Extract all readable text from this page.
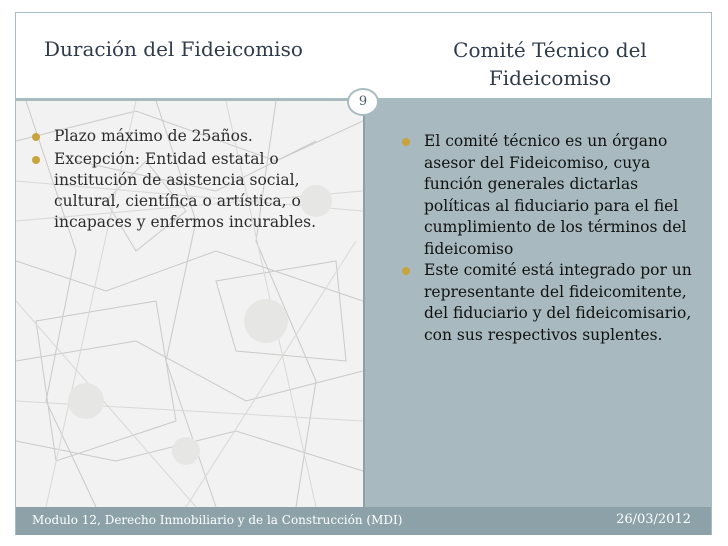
Duración del Fideicomiso	Comité Técnico del
Fideicomiso
9
Plazo máximo de 25años.
Excepción: Entidad estatal o institución de asistencia social, cultural, científica o artística, o incapaces y enfermos incurables.
El comité técnico es un órgano asesor del Fideicomiso, cuya función generales dictarlas políticas al fiduciario para el fiel cumplimiento de los términos del fideicomiso
Este comité está integrado por un representante del fideicomitente, del fiduciario y del fideicomisario, con sus respectivos suplentes.
Modulo 12, Derecho Inmobiliario y de la Construcción (MDI)	26/03/2012
